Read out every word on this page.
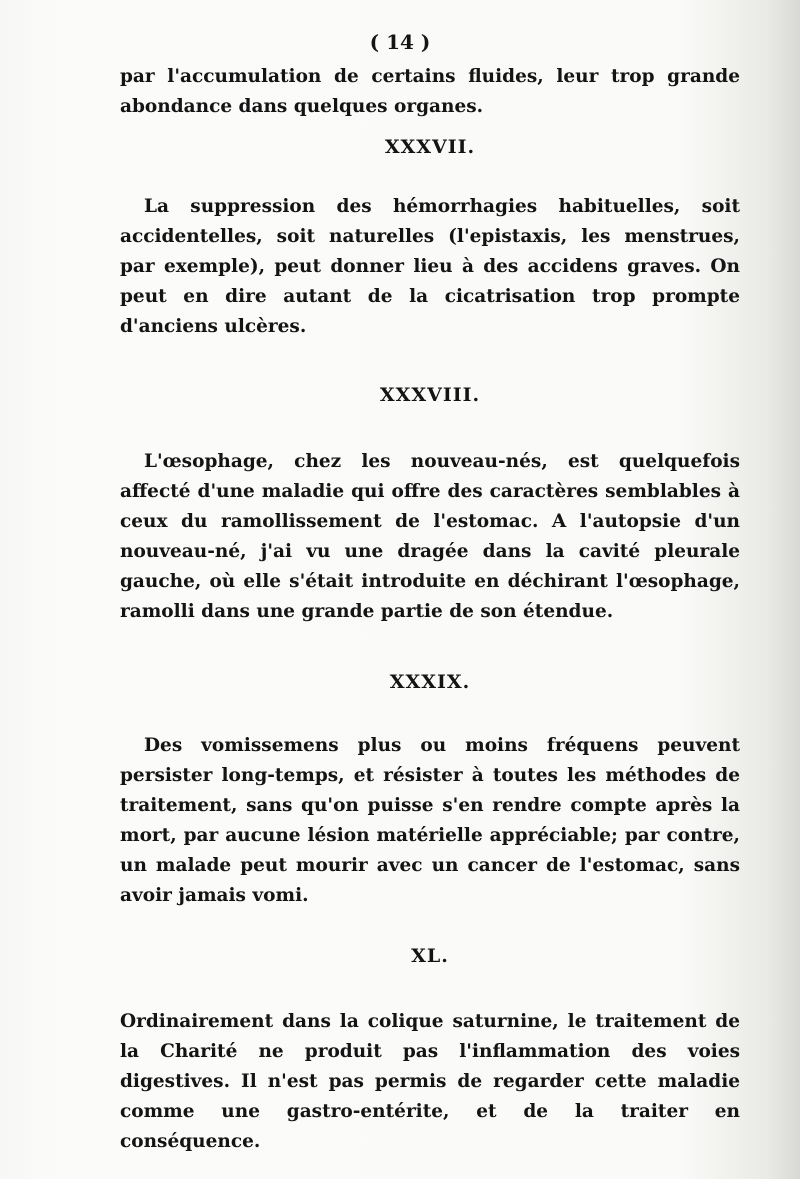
( 14 )

par l'accumulation de certains fluides, leur trop grande abondance dans quelques organes.

XXXVII.

La suppression des hémorrhagies habituelles, soit accidentelles, soit naturelles (l'epistaxis, les menstrues, par exemple), peut donner lieu à des accidens graves. On peut en dire autant de la cicatrisation trop prompte d'anciens ulcères.

XXXVIII.

L'œsophage, chez les nouveau-nés, est quelquefois affecté d'une maladie qui offre des caractères semblables à ceux du ramollissement de l'estomac. A l'autopsie d'un nouveau-né, j'ai vu une dragée dans la cavité pleurale gauche, où elle s'était introduite en déchirant l'œsophage, ramolli dans une grande partie de son étendue.

XXXIX.

Des vomissemens plus ou moins fréquens peuvent persister long-temps, et résister à toutes les méthodes de traitement, sans qu'on puisse s'en rendre compte après la mort, par aucune lésion matérielle appréciable; par contre, un malade peut mourir avec un cancer de l'estomac, sans avoir jamais vomi.

XL.

Ordinairement dans la colique saturnine, le traitement de la Charité ne produit pas l'inflammation des voies digestives. Il n'est pas permis de regarder cette maladie comme une gastro-entérite, et de la traiter en conséquence.
